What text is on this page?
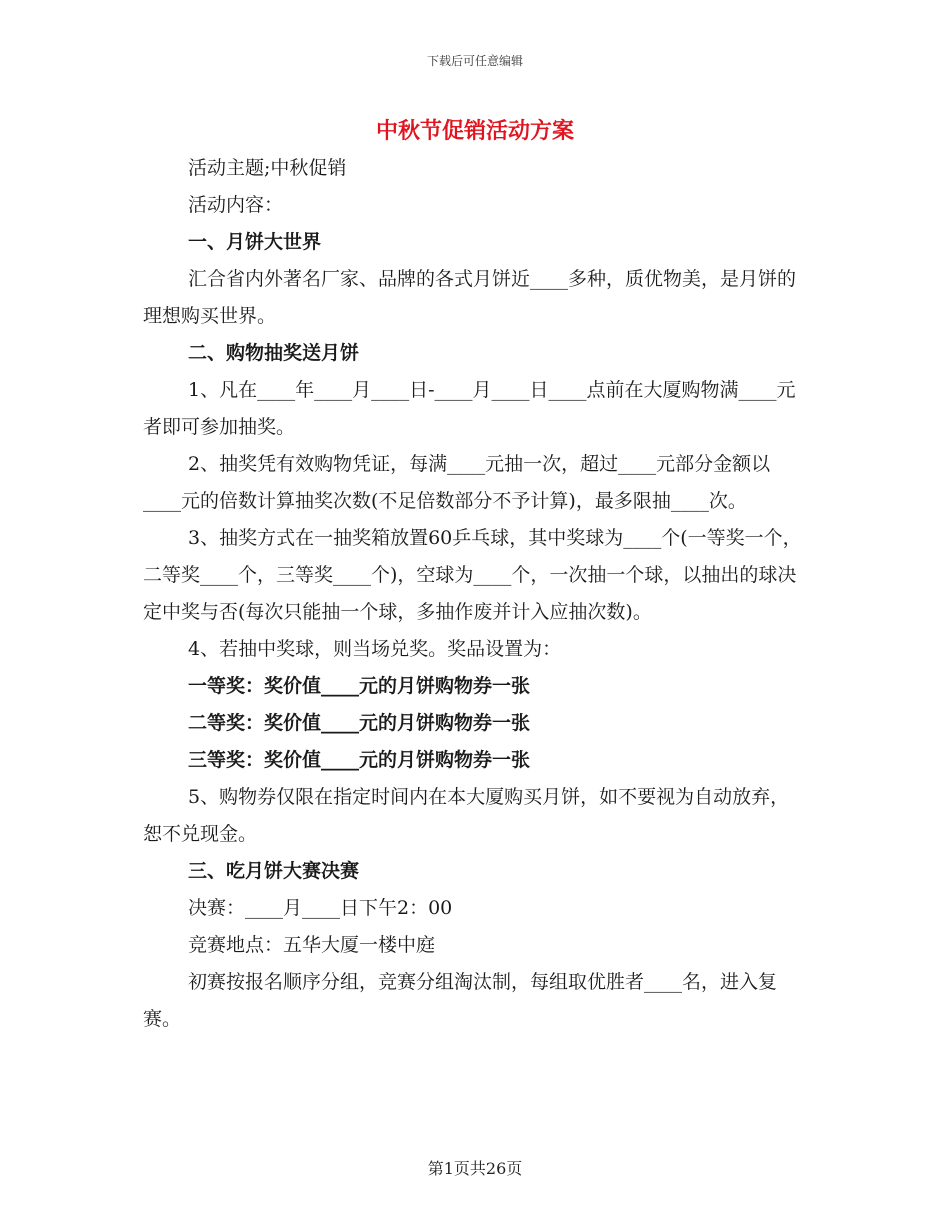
下载后可任意编辑
中秋节促销活动方案

活动主题;中秋促销

活动内容：

一、月饼大世界

汇合省内外著名厂家、品牌的各式月饼近____多种，质优物美，是月饼的理想购买世界。

二、购物抽奖送月饼

1、凡在____年____月____日-____月____日____点前在大厦购物满____元者即可参加抽奖。

2、抽奖凭有效购物凭证，每满____元抽一次，超过____元部分金额以____元的倍数计算抽奖次数(不足倍数部分不予计算)，最多限抽____次。

3、抽奖方式在一抽奖箱放置60乒乓球，其中奖球为____个(一等奖一个，二等奖____个，三等奖____个)，空球为____个，一次抽一个球，以抽出的球决定中奖与否(每次只能抽一个球，多抽作废并计入应抽次数)。

4、若抽中奖球，则当场兑奖。奖品设置为：

一等奖：奖价值____元的月饼购物券一张

二等奖：奖价值____元的月饼购物券一张

三等奖：奖价值____元的月饼购物券一张

5、购物券仅限在指定时间内在本大厦购买月饼，如不要视为自动放弃，恕不兑现金。

三、吃月饼大赛决赛

决赛：____月____日下午2：00

竞赛地点：五华大厦一楼中庭

初赛按报名顺序分组，竞赛分组淘汰制，每组取优胜者____名，进入复赛。

第1页共26页
